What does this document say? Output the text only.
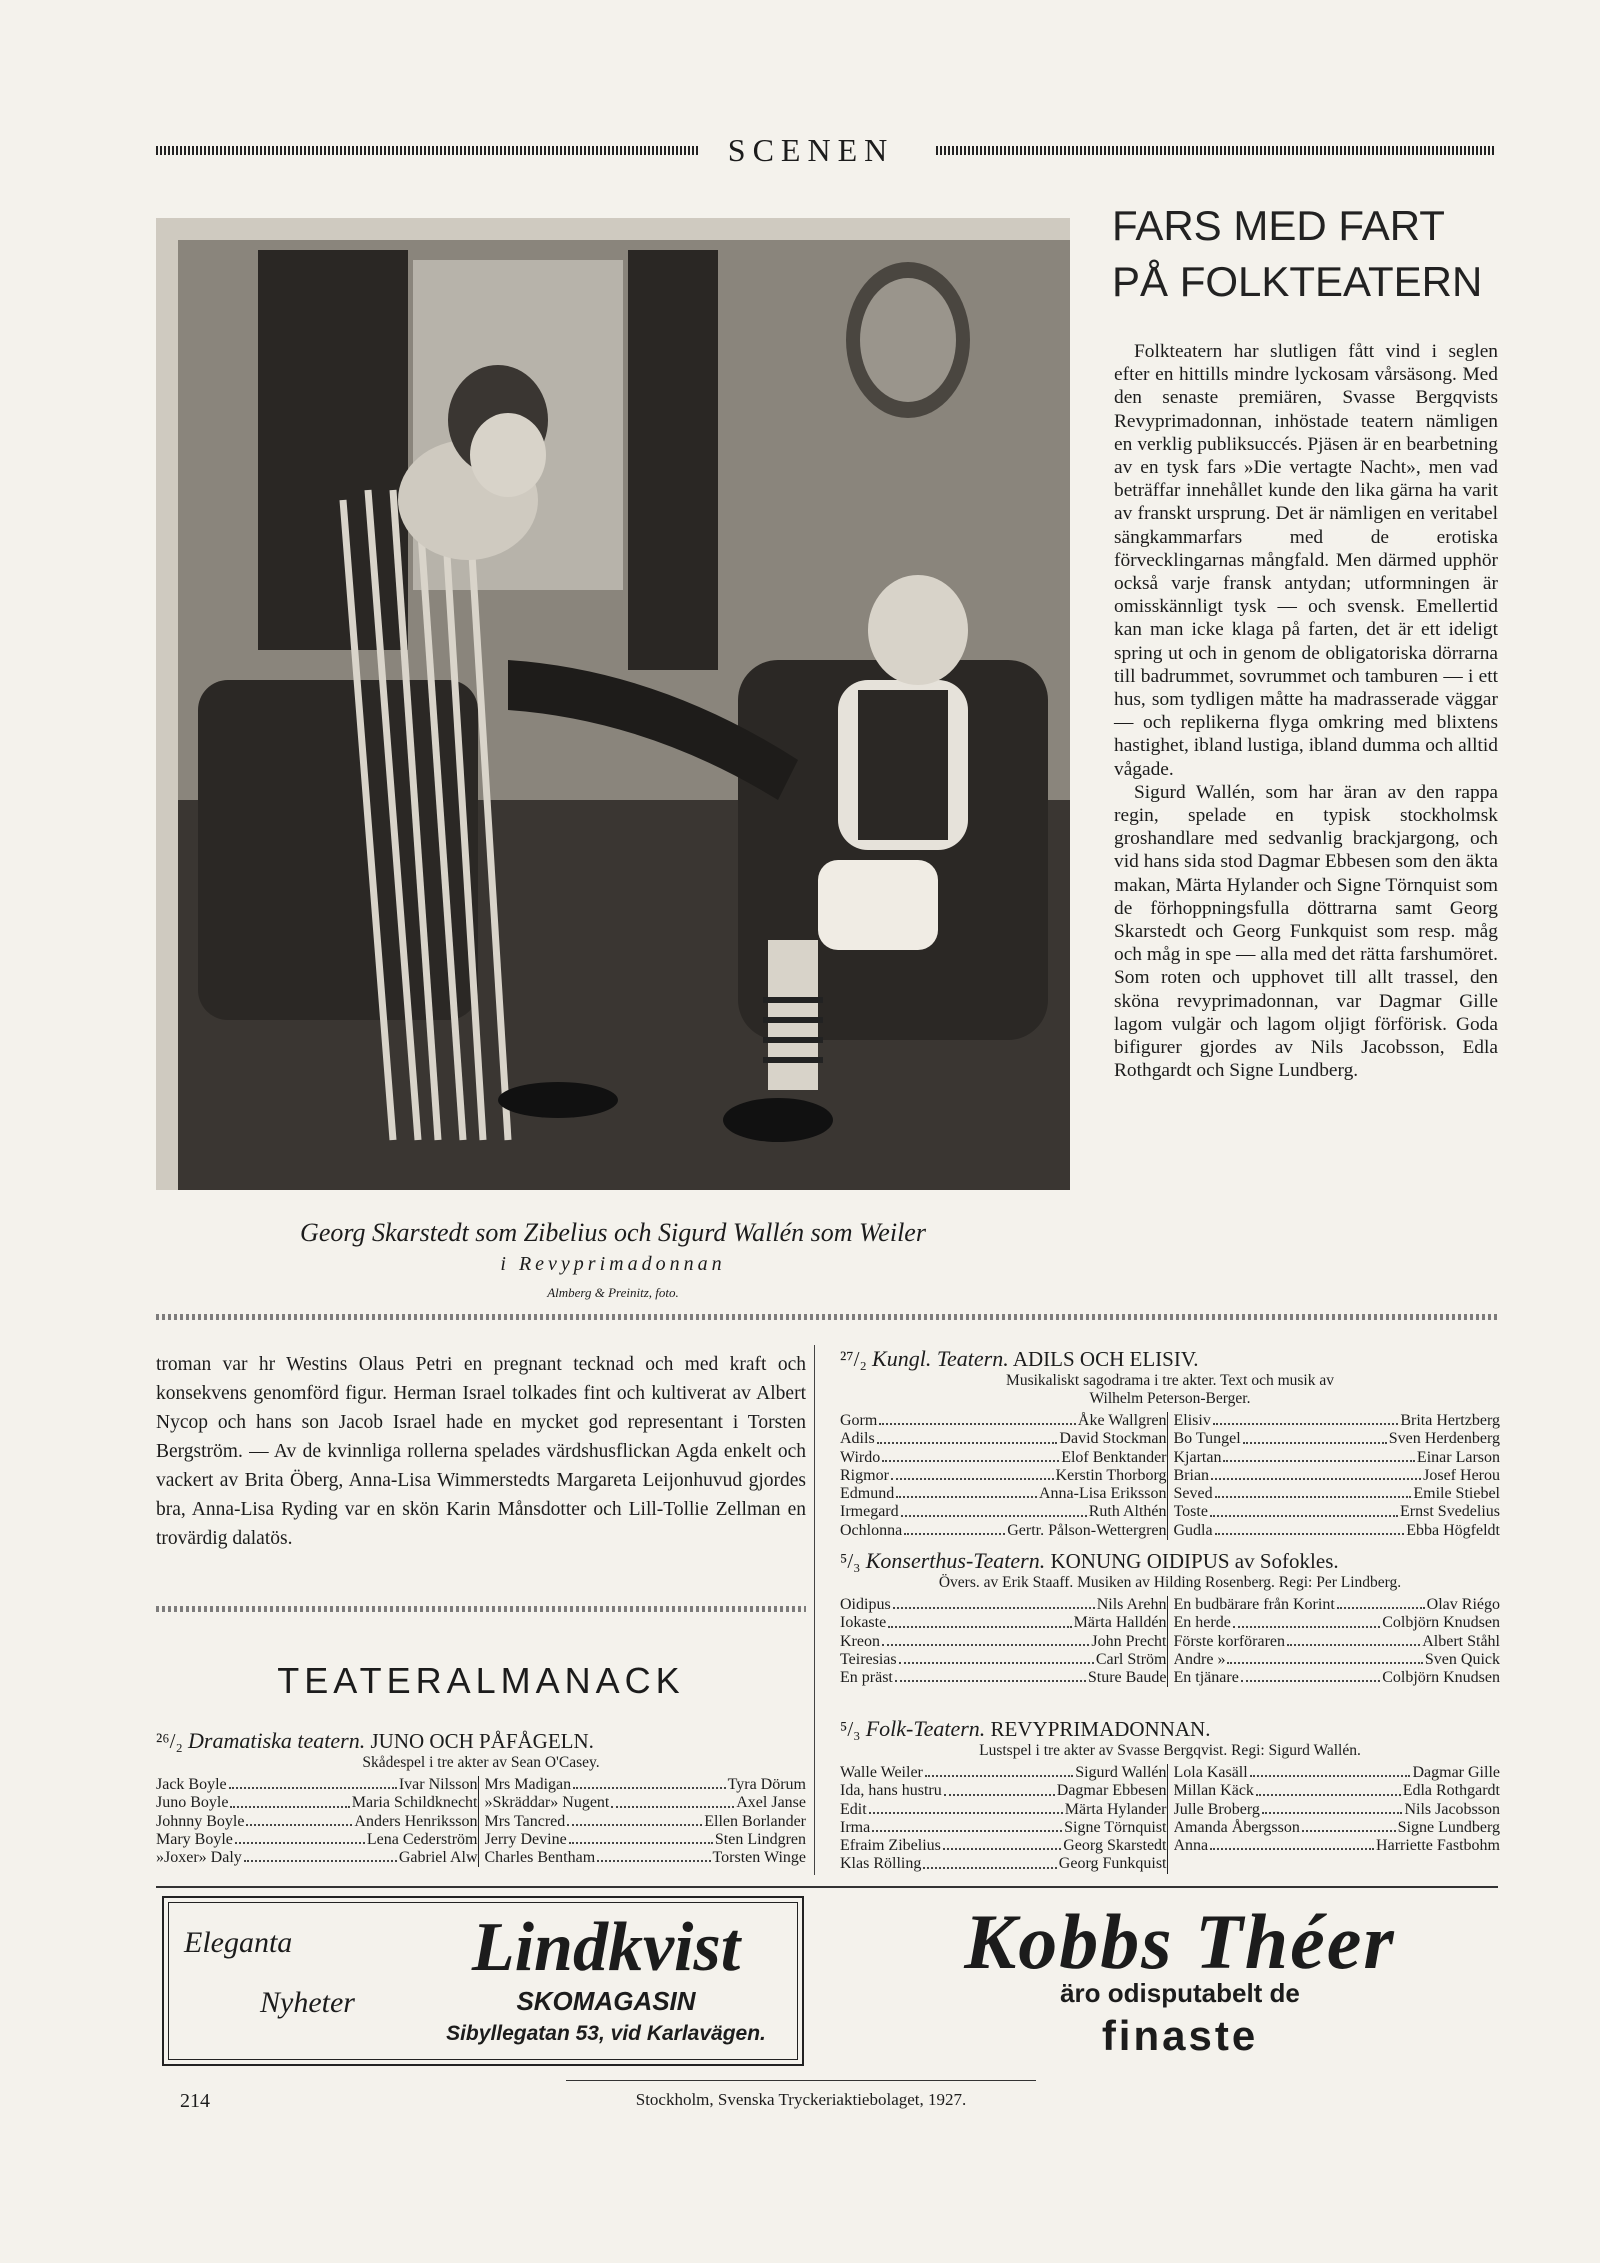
SCENEN
Georg Skarstedt som Zibelius och Sigurd Wallén som Weiler
i Revyprimadonnan
Almberg & Preinitz, foto.
FARS MED FART
PÅ FOLKTEATERN

Folkteatern har slutligen fått vind i seglen efter en hittills mindre lyckosam vårsäsong. Med den senaste premiären, Svasse Bergqvists Revyprimadonnan, inhöstade teatern nämligen en verklig publiksuccés. Pjäsen är en bearbetning av en tysk fars »Die vertagte Nacht», men vad beträffar innehållet kunde den lika gärna ha varit av franskt ursprung. Det är nämligen en veritabel sängkammarfars med de erotiska förvecklingarnas mångfald. Men därmed upphör också varje fransk antydan; utformningen är omisskännligt tysk — och svensk. Emellertid kan man icke klaga på farten, det är ett ideligt spring ut och in genom de obligatoriska dörrarna till badrummet, sovrummet och tamburen — i ett hus, som tydligen måtte ha madrasserade väggar — och replikerna flyga omkring med blixtens hastighet, ibland lustiga, ibland dumma och alltid vågade.

Sigurd Wallén, som har äran av den rappa regin, spelade en typisk stockholmsk groshandlare med sedvanlig brackjargong, och vid hans sida stod Dagmar Ebbesen som den äkta makan, Märta Hylander och Signe Törnquist som de förhoppningsfulla döttrarna samt Georg Skarstedt och Georg Funkquist som resp. måg och måg in spe — alla med det rätta farshumöret. Som roten och upphovet till allt trassel, den sköna revyprimadonnan, var Dagmar Gille lagom vulgär och lagom oljigt förförisk. Goda bifigurer gjordes av Nils Jacobsson, Edla Rothgardt och Signe Lundberg.

troman var hr Westins Olaus Petri en pregnant tecknad och med kraft och konsekvens genomförd figur. Herman Israel tolkades fint och kultiverat av Albert Nycop och hans son Jacob Israel hade en mycket god representant i Torsten Bergström. — Av de kvinnliga rollerna spelades värdshusflickan Agda enkelt och vackert av Brita Öberg, Anna-Lisa Wimmerstedts Margareta Leijonhuvud gjordes bra, Anna-Lisa Ryding var en skön Karin Månsdotter och Lill-Tollie Zellman en trovärdig dalatös.

TEATERALMANACK
²⁶/₂ Dramatiska teatern. JUNO OCH PÅFÅGELN.
Skådespel i tre akter av Sean O'Casey.
Jack Boyle	Ivar Nilsson
Juno Boyle	Maria Schildknecht
Johnny Boyle	Anders Henriksson
Mary Boyle	Lena Cederström
»Joxer» Daly	Gabriel Alw
Mrs Madigan	Tyra Dörum
»Skräddar» Nugent	Axel Janse
Mrs Tancred	Ellen Borlander
Jerry Devine	Sten Lindgren
Charles Bentham	Torsten Winge
²⁷/₂ Kungl. Teatern. ADILS OCH ELISIV.
Musikaliskt sagodrama i tre akter. Text och musik av
Wilhelm Peterson-Berger.
Gorm	Åke Wallgren
Adils	David Stockman
Wirdo	Elof Benktander
Rigmor	Kerstin Thorborg
Edmund	Anna-Lisa Eriksson
Irmegard	Ruth Althén
Ochlonna	Gertr. Pålson-Wettergren
Elisiv	Brita Hertzberg
Bo Tungel	Sven Herdenberg
Kjartan	Einar Larson
Brian	Josef Herou
Seved	Emile Stiebel
Toste	Ernst Svedelius
Gudla	Ebba Högfeldt
⁵/₃ Konserthus-Teatern. KONUNG OIDIPUS av Sofokles.
Övers. av Erik Staaff. Musiken av Hilding Rosenberg. Regi: Per Lindberg.
Oidipus	Nils Arehn
Iokaste	Märta Halldén
Kreon	John Precht
Teiresias	Carl Ström
En präst	Sture Baude
En budbärare från Korint	Olav Riégo
En herde	Colbjörn Knudsen
Förste korföraren	Albert Ståhl
Andre »	Sven Quick
En tjänare	Colbjörn Knudsen
⁵/₃ Folk-Teatern. REVYPRIMADONNAN.
Lustspel i tre akter av Svasse Bergqvist. Regi: Sigurd Wallén.
Walle Weiler	Sigurd Wallén
Ida, hans hustru	Dagmar Ebbesen
Edit	Märta Hylander
Irma	Signe Törnquist
Efraim Zibelius	Georg Skarstedt
Klas Rölling	Georg Funkquist
Lola Kasäll	Dagmar Gille
Millan Käck	Edla Rothgardt
Julle Broberg	Nils Jacobsson
Amanda Åbergsson	Signe Lundberg
Anna	Harriette Fastbohm
Eleganta
Nyheter
Lindkvist
SKOMAGASIN
Sibyllegatan 53, vid Karlavägen.
Kobbs Théer
äro odisputabelt de
finaste
214	Stockholm, Svenska Tryckeriaktiebolaget, 1927.
